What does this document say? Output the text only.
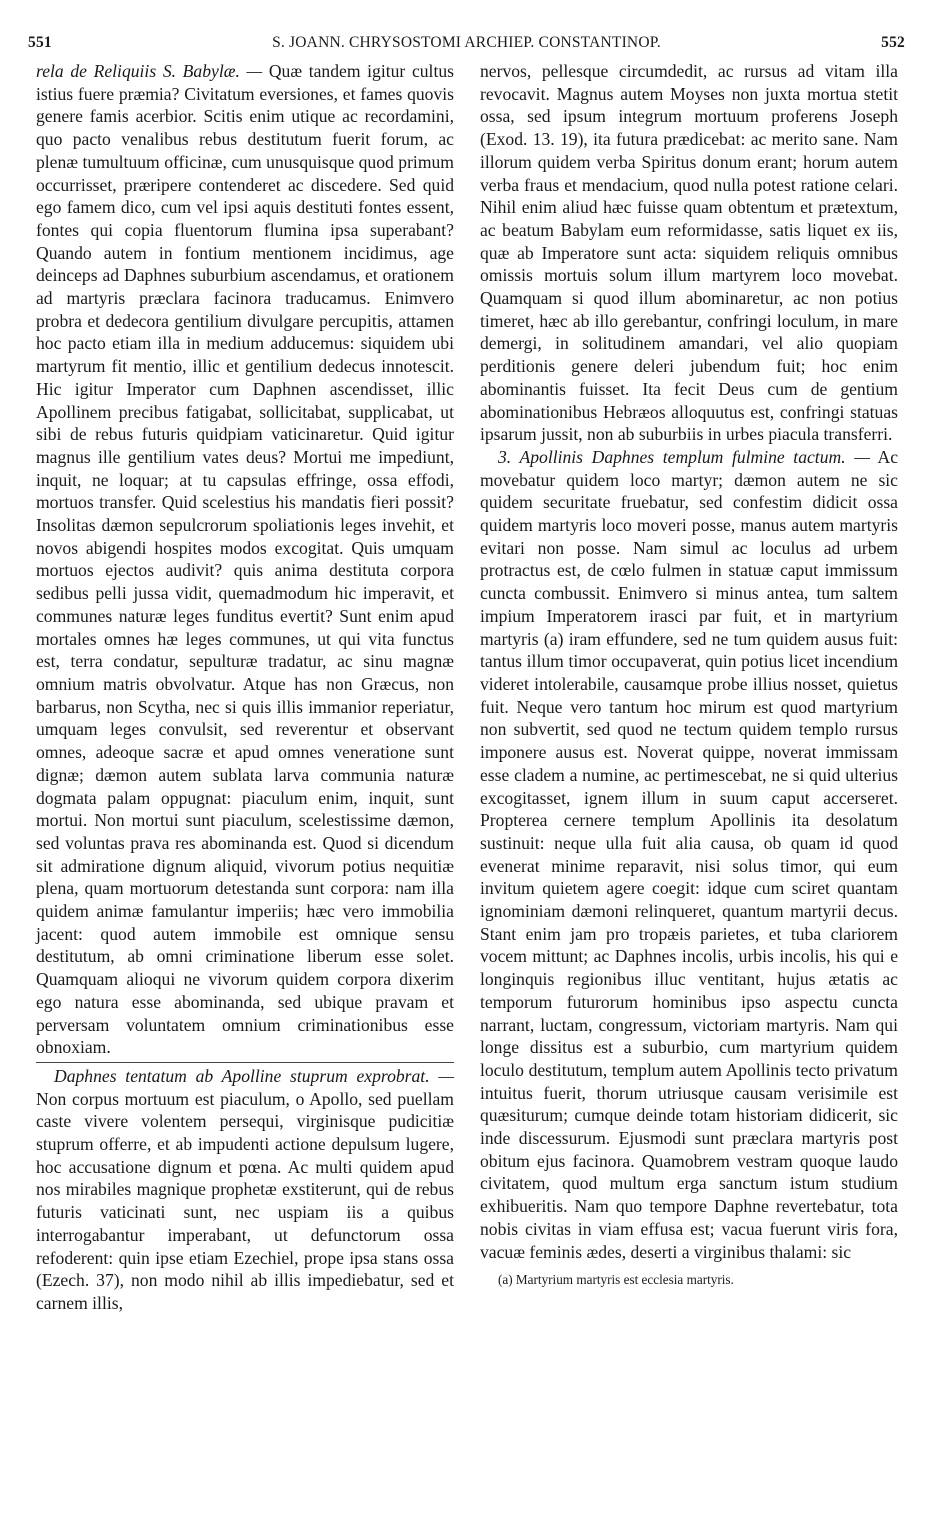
551	S. JOANN. CHRYSOSTOMI ARCHIEP. CONSTANTINOP.	552

rela de Reliquiis S. Babylæ. — Quæ tandem igitur cultus istius fuere præmia? Civitatum eversiones, et fames quovis genere famis acerbior. Scitis enim utique ac recordamini, quo pacto venalibus rebus destitutum fuerit forum, ac plenæ tumultuum officinæ, cum unusquisque quod primum occurrisset, præripere contenderet ac discedere. Sed quid ego famem dico, cum vel ipsi aquis destituti fontes essent, fontes qui copia fluentorum flumina ipsa superabant? Quando autem in fontium mentionem incidimus, age deinceps ad Daphnes suburbium ascendamus, et orationem ad martyris præclara facinora traducamus. Enimvero probra et dedecora gentilium divulgare percupitis, attamen hoc pacto etiam illa in medium adducemus: siquidem ubi martyrum fit mentio, illic et gentilium dedecus innotescit. Hic igitur Imperator cum Daphnen ascendisset, illic Apollinem precibus fatigabat, sollicitabat, supplicabat, ut sibi de rebus futuris quidpiam vaticinaretur. Quid igitur magnus ille gentilium vates deus? Mortui me impediunt, inquit, ne loquar; at tu capsulas effringe, ossa effodi, mortuos transfer. Quid scelestius his mandatis fieri possit? Insolitas dæmon sepulcrorum spoliationis leges invehit, et novos abigendi hospites modos excogitat. Quis umquam mortuos ejectos audivit? quis anima destituta corpora sedibus pelli jussa vidit, quemadmodum hic imperavit, et communes naturæ leges funditus evertit? Sunt enim apud mortales omnes hæ leges communes, ut qui vita functus est, terra condatur, sepulturæ tradatur, ac sinu magnæ omnium matris obvolvatur. Atque has non Græcus, non barbarus, non Scytha, nec si quis illis immanior reperiatur, umquam leges convulsit, sed reverentur et observant omnes, adeoque sacræ et apud omnes venerationе sunt dignæ; dæmon autem sublata larva communia naturæ dogmata palam oppugnat: piaculum enim, inquit, sunt mortui. Non mortui sunt piaculum, scelestissime dæmon, sed voluntas prava res abominanda est. Quod si dicendum sit admiratione dignum aliquid, vivorum potius nequitiæ plena, quam mortuorum detestanda sunt corpora: nam illa quidem animæ famulantur imperiis; hæc vero immobilia jacent: quod autem immobile est omnique sensu destitutum, ab omni criminatione liberum esse solet. Quamquam alioqui ne vivorum quidem corpora dixerim ego natura esse abominanda, sed ubique pravam et perversam voluntatem omnium criminationibus esse obnoxiam.

Daphnes tentatum ab Apolline stuprum exprobrat. — Non corpus mortuum est piaculum, o Apollo, sed puellam caste vivere volentem persequi, virginisque pudicitiæ stuprum offerre, et ab impudenti actione depulsum lugere, hoc accusatione dignum et pœna. Ac multi quidem apud nos mirabiles magnique prophetæ exstiterunt, qui de rebus futuris vaticinati sunt, nec uspiam iis a quibus interrogabantur imperabant, ut defunctorum ossa refoderent: quin ipse etiam Ezechiel, prope ipsa stans ossa (Ezech. 37), non modo nihil ab illis impediebatur, sed et carnem illis,

nervos, pellesque circumdedit, ac rursus ad vitam illa revocavit. Magnus autem Moyses non juxta mortua stetit ossa, sed ipsum integrum mortuum proferens Joseph (Exod. 13. 19), ita futura prædicebat: ac merito sane. Nam illorum quidem verba Spiritus donum erant; horum autem verba fraus et mendacium, quod nulla potest ratione celari. Nihil enim aliud hæc fuisse quam obtentum et prætextum, ac beatum Babylam eum reformidasse, satis liquet ex iis, quæ ab Imperatore sunt acta: siquidem reliquis omnibus omissis mortuis solum illum martyrem loco movebat. Quamquam si quod illum abominaretur, ac non potius timeret, hæc ab illo gerebantur, confringi loculum, in mare demergi, in solitudinem amandari, vel alio quopiam perditionis genere deleri jubendum fuit; hoc enim abominantis fuisset. Ita fecit Deus cum de gentium abominationibus Hebræos alloquutus est, confringi statuas ipsarum jussit, non ab suburbiis in urbes piacula transferri.

3. Apollinis Daphnes templum fulmine tactum. — Ac movebatur quidem loco martyr; dæmon autem ne sic quidem securitate fruebatur, sed confestim didicit ossa quidem martyris loco moveri posse, manus autem martyris evitari non posse. Nam simul ac loculus ad urbem protractus est, de cœlo fulmen in statuæ caput immissum cuncta combussit. Enimvero si minus antea, tum saltem impium Imperatorem irasci par fuit, et in martyrium martyris (a) iram effundere, sed ne tum quidem ausus fuit: tantus illum timor occupaverat, quin potius licet incendium videret intolerabile, causamque probe illius nosset, quietus fuit. Neque vero tantum hoc mirum est quod martyrium non subvertit, sed quod ne tectum quidem templo rursus imponere ausus est. Noverat quippe, noverat immissam esse cladem a numine, ac pertimescebat, ne si quid ulterius excogitasset, ignem illum in suum caput accerseret. Propterea cernere templum Apollinis ita desolatum sustinuit: neque ulla fuit alia causa, ob quam id quod evenerat minime reparavit, nisi solus timor, qui eum invitum quietem agere coegit: idque cum sciret quantam ignominiam dæmoni relinqueret, quantum martyrii decus. Stant enim jam pro tropæis parietes, et tuba clariorem vocem mittunt; ac Daphnes incolis, urbis incolis, his qui e longinquis regionibus illuc ventitant, hujus ætatis ac temporum futurorum hominibus ipso aspectu cuncta narrant, luctam, congressum, victoriam martyris. Nam qui longe dissitus est a suburbio, cum martyrium quidem loculo destitutum, templum autem Apollinis tecto privatum intuitus fuerit, thorum utriusque causam verisimile est quæsiturum; cumque deinde totam historiam didicerit, sic inde discessurum. Ejusmodi sunt præclara martyris post obitum ejus facinora. Quamobrem vestram quoque laudo civitatem, quod multum erga sanctum istum studium exhibueritis. Nam quo tempore Daphne revertebatur, tota nobis civitas in viam effusa est; vacua fuerunt viris fora, vacuæ feminis ædes, deserti a virginibus thalami: sic

(a) Martyrium martyris est ecclesia martyris.
